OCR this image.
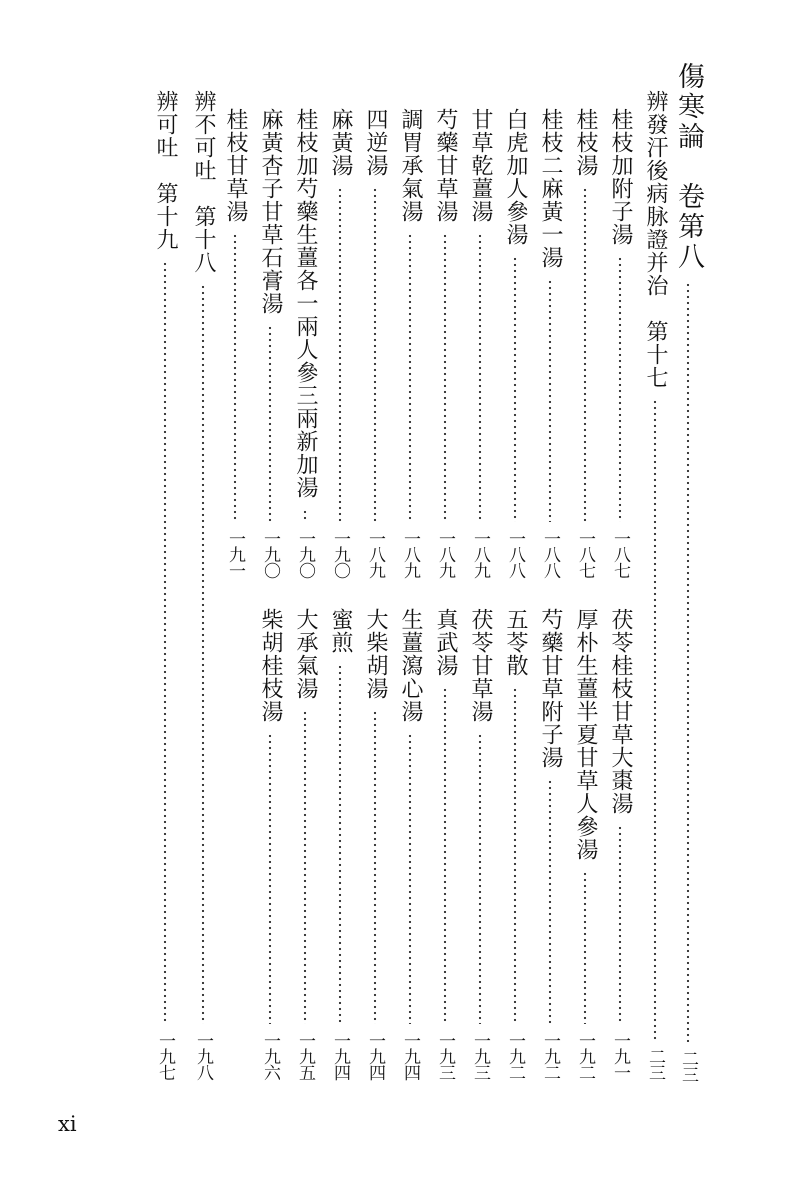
傷寒論　卷第八
二三
辨發汗後病脉證并治　第十七
二三
桂枝加附子湯
一八七
桂枝湯
一八七
桂枝二麻黃一湯
一八八
白虎加人參湯
一八八
甘草乾薑湯
一八九
芍藥甘草湯
一八九
調胃承氣湯
一八九
四逆湯
一八九
麻黃湯
一九〇
桂枝加芍藥生薑各一兩人參三兩新加湯
一九〇
麻黃杏子甘草石膏湯
一九〇
桂枝甘草湯
一九一
茯苓桂枝甘草大棗湯
一九一
厚朴生薑半夏甘草人參湯
一九二
芍藥甘草附子湯
一九二
五苓散
一九二
茯苓甘草湯
一九三
真武湯
一九三
生薑瀉心湯
一九四
大柴胡湯
一九四
蜜煎
一九四
大承氣湯
一九五
柴胡桂枝湯
一九六
辨不可吐　第十八
一九八
辨可吐　第十九
一九七
xi
